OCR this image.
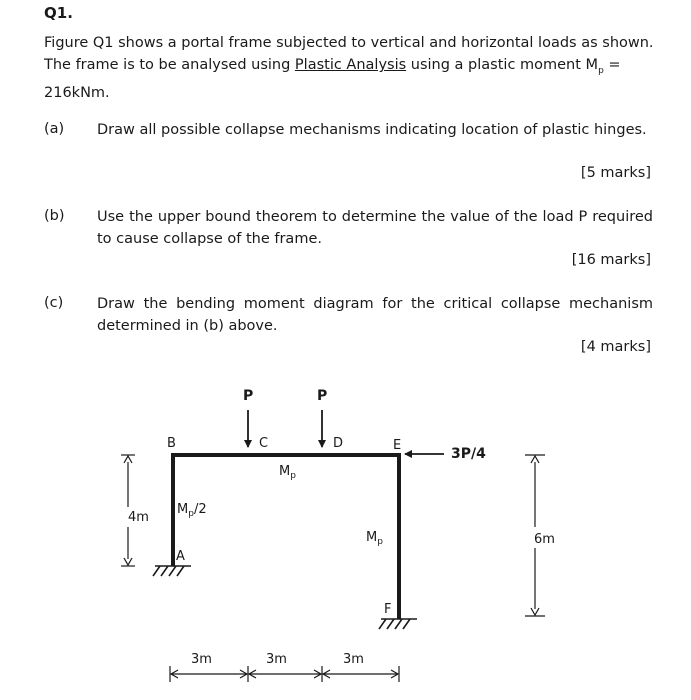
Q1.
Figure Q1 shows a portal frame subjected to vertical and horizontal loads as shown. The frame is to be analysed using Plastic Analysis using a plastic moment $M_p = 216kNm$.
(a) Draw all possible collapse mechanisms indicating location of plastic hinges.
[5 marks]
(b) Use the upper bound theorem to determine the value of the load P required to cause collapse of the frame.
[16 marks]
(c) Draw the bending moment diagram for the critical collapse mechanism determined in (b) above.
[4 marks]
P	P
3P/4
A
B	C	D	E
F
$M_p$
$M_p/2$
$M_p$
4m
6m
3m	3m	3m
